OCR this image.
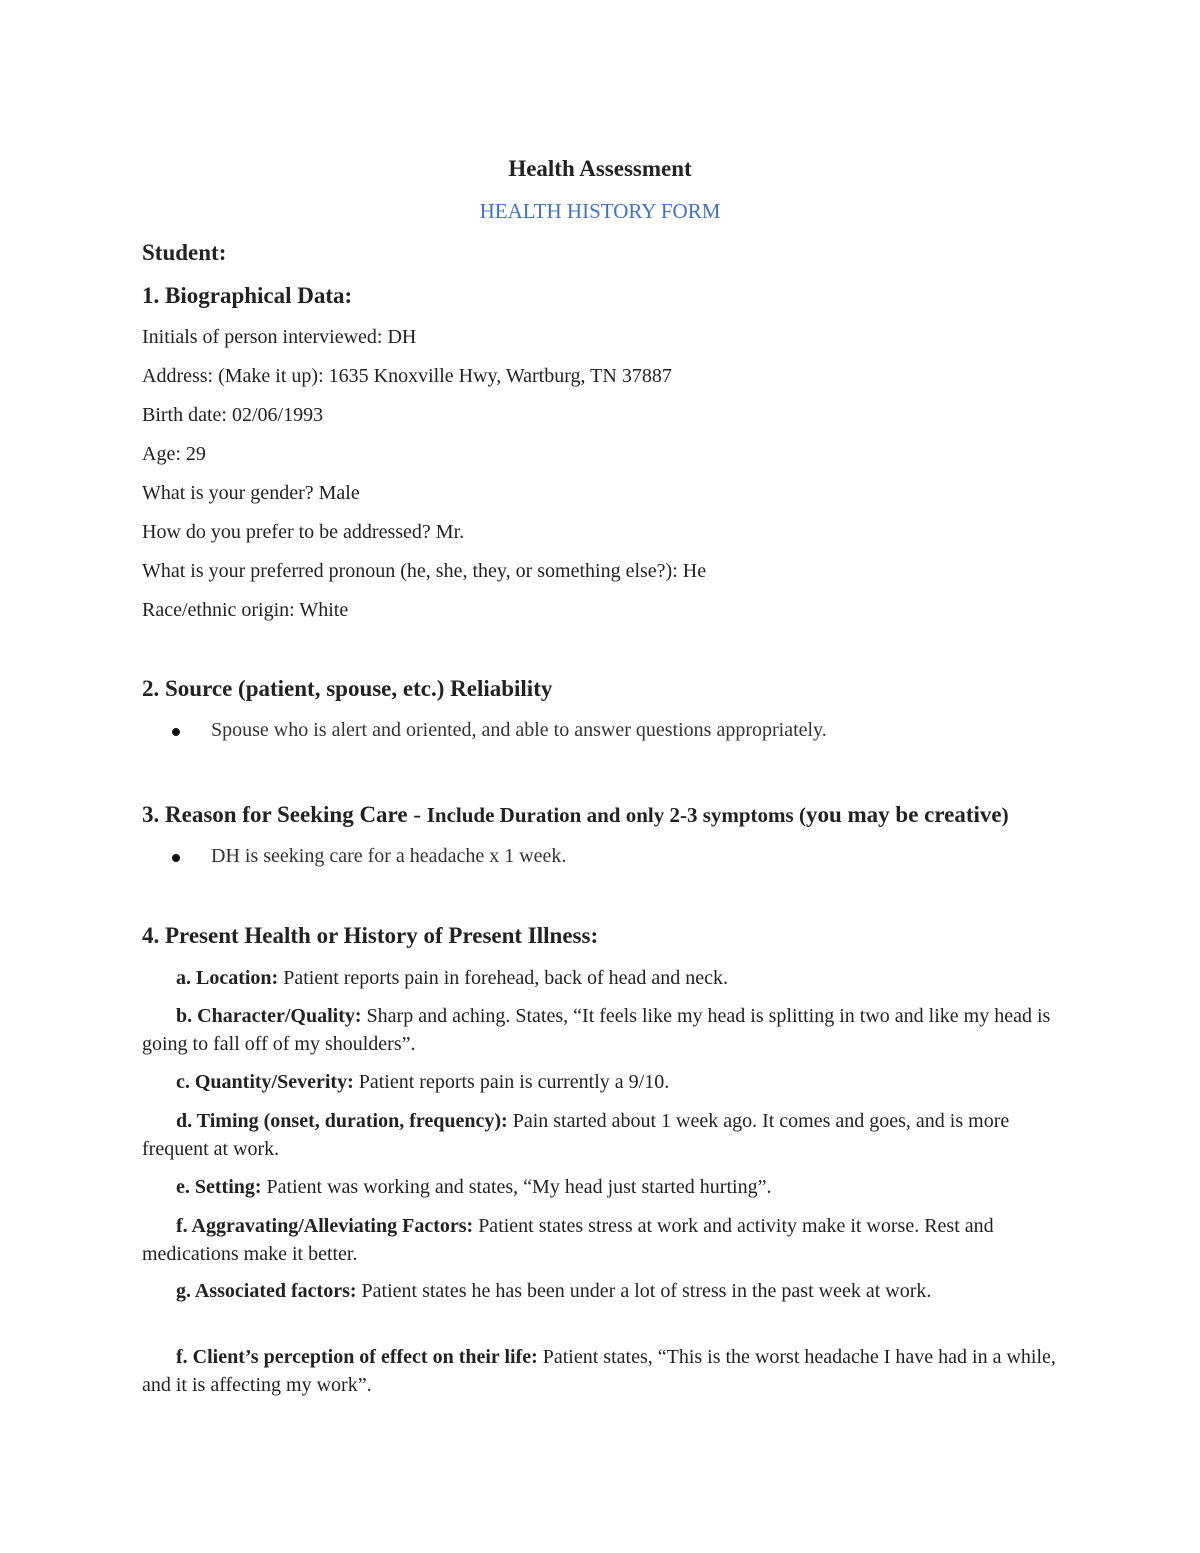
Health Assessment
HEALTH HISTORY FORM
Student:
1. Biographical Data:
Initials of person interviewed: DH
Address: (Make it up): 1635 Knoxville Hwy, Wartburg, TN 37887
Birth date: 02/06/1993
Age: 29
What is your gender? Male
How do you prefer to be addressed? Mr.
What is your preferred pronoun (he, she, they, or something else?): He
Race/ethnic origin: White
2. Source (patient, spouse, etc.) Reliability
Spouse who is alert and oriented, and able to answer questions appropriately.
3. Reason for Seeking Care - Include Duration and only 2-3 symptoms (you may be creative)
DH is seeking care for a headache x 1 week.
4. Present Health or History of Present Illness:
a. Location: Patient reports pain in forehead, back of head and neck.
b. Character/Quality: Sharp and aching. States, “It feels like my head is splitting in two and like my head is going to fall off of my shoulders”.
c. Quantity/Severity: Patient reports pain is currently a 9/10.
d. Timing (onset, duration, frequency): Pain started about 1 week ago. It comes and goes, and is more frequent at work.
e. Setting: Patient was working and states, “My head just started hurting”.
f. Aggravating/Alleviating Factors: Patient states stress at work and activity make it worse. Rest and medications make it better.
g. Associated factors: Patient states he has been under a lot of stress in the past week at work.
f. Client’s perception of effect on their life: Patient states, “This is the worst headache I have had in a while, and it is affecting my work”.
